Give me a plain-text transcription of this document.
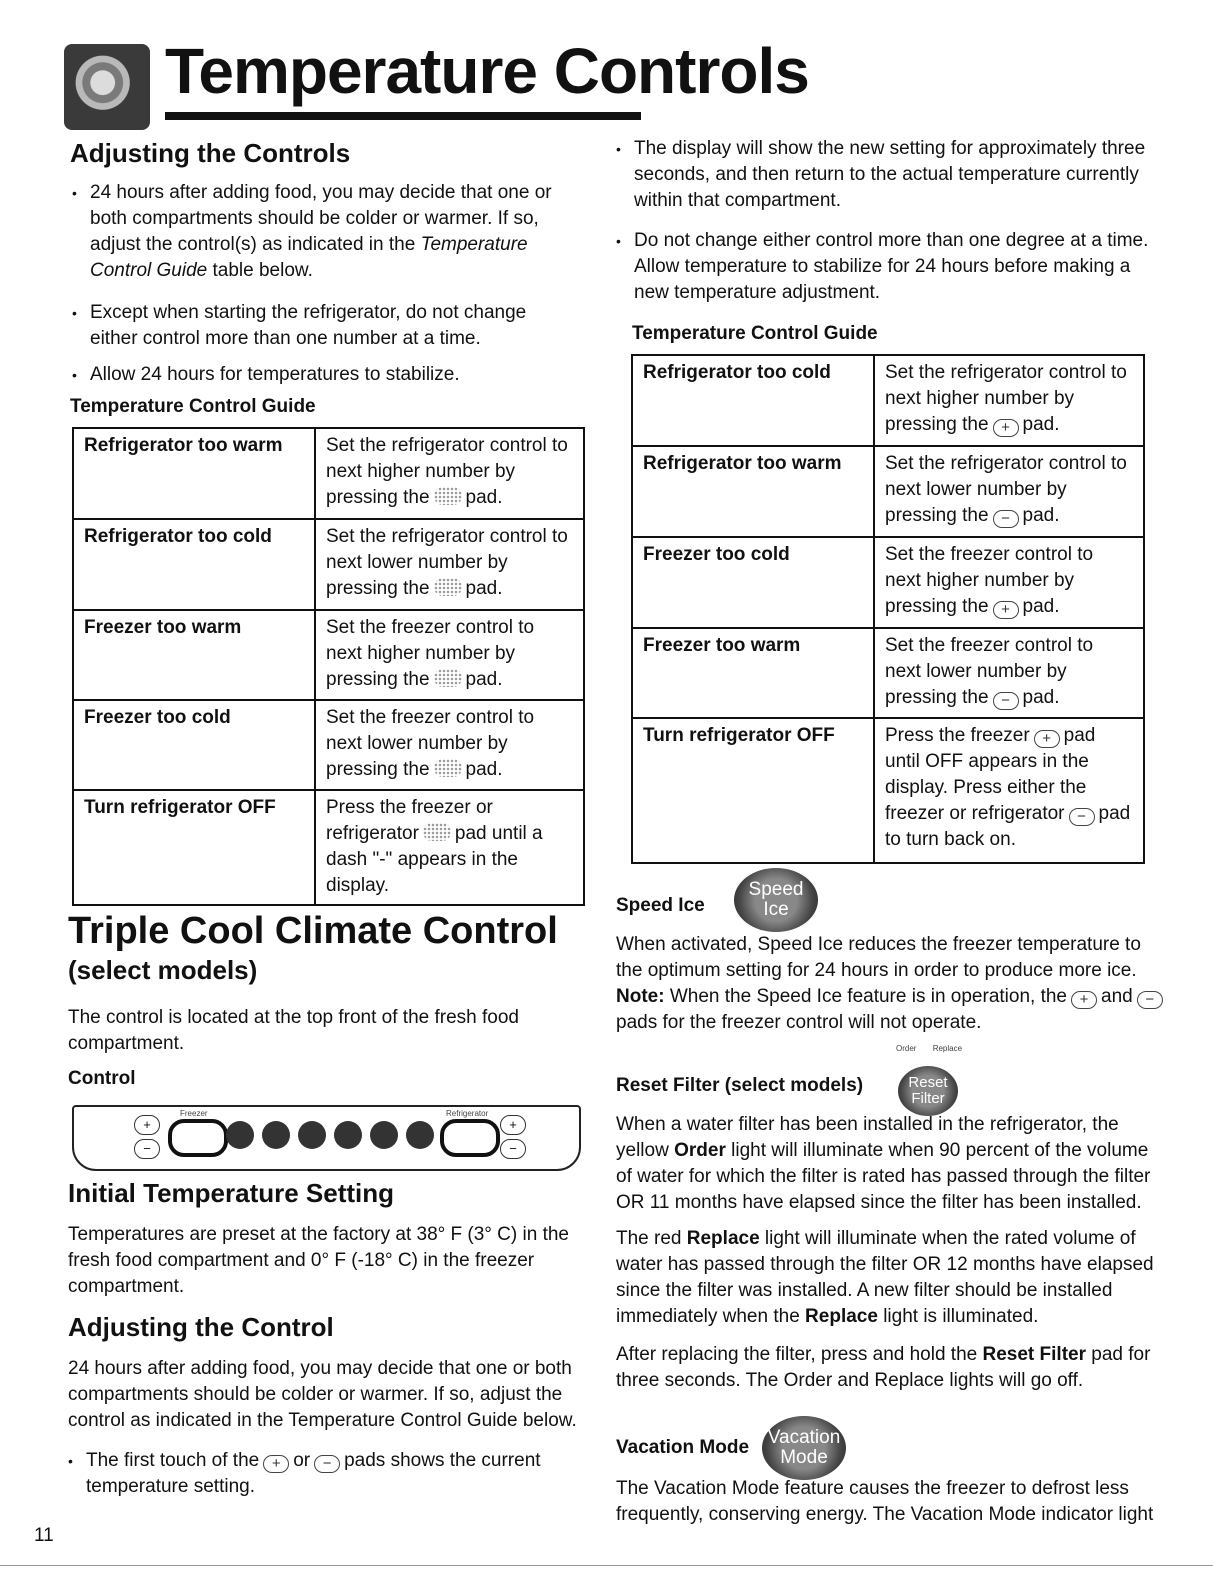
Temperature Controls
Adjusting the Controls

• 24 hours after adding food, you may decide that one or both compartments should be colder or warmer. If so, adjust the control(s) as indicated in the Temperature Control Guide table below.

• Except when starting the refrigerator, do not change either control more than one number at a time.

• Allow 24 hours for temperatures to stabilize.

Temperature Control Guide
Refrigerator too warm	Set the refrigerator control to next higher number by pressing the pad.
Refrigerator too cold	Set the refrigerator control to next lower number by pressing the pad.
Freezer too warm	Set the freezer control to next higher number by pressing the pad.
Freezer too cold	Set the freezer control to next lower number by pressing the pad.
Turn refrigerator OFF	Press the freezer or refrigerator pad until a dash "-" appears in the display.
Triple Cool Climate Control
(select models)

The control is located at the top front of the fresh food compartment.

Control
Freezer	Refrigerator
+
−
+
−
Initial Temperature Setting

Temperatures are preset at the factory at 38° F (3° C) in the fresh food compartment and 0° F (-18° C) in the freezer compartment.

Adjusting the Control

24 hours after adding food, you may decide that one or both compartments should be colder or warmer. If so, adjust the control as indicated in the Temperature Control Guide below.

• The first touch of the + or − pads shows the current temperature setting.

11

• The display will show the new setting for approximately three seconds, and then return to the actual temperature currently within that compartment.

• Do not change either control more than one degree at a time. Allow temperature to stabilize for 24 hours before making a new temperature adjustment.

Temperature Control Guide
Refrigerator too cold	Set the refrigerator control to next higher number by pressing the + pad.
Refrigerator too warm	Set the refrigerator control to next lower number by pressing the − pad.
Freezer too cold	Set the freezer control to next higher number by pressing the + pad.
Freezer too warm	Set the freezer control to next lower number by pressing the − pad.
Turn refrigerator OFF	Press the freezer + pad until OFF appears in the display. Press either the freezer or refrigerator − pad to turn back on.
Speed Ice
Speed
Ice

When activated, Speed Ice reduces the freezer temperature to the optimum setting for 24 hours in order to produce more ice.

Note: When the Speed Ice feature is in operation, the + and −pads for the freezer control will not operate.

Order Replace
Reset Filter (select models)	Reset
Filter

When a water filter has been installed in the refrigerator, the yellow Order light will illuminate when 90 percent of the volume of water for which the filter is rated has passed through the filter OR 11 months have elapsed since the filter has been installed.

The red Replace light will illuminate when the rated volume of water has passed through the filter OR 12 months have elapsed since the filter was installed. A new filter should be installed immediately when the Replace light is illuminated.

After replacing the filter, press and hold the Reset Filter pad for three seconds. The Order and Replace lights will go off.

Vacation Mode Vacation
Mode

The Vacation Mode feature causes the freezer to defrost less frequently, conserving energy. The Vacation Mode indicator light
